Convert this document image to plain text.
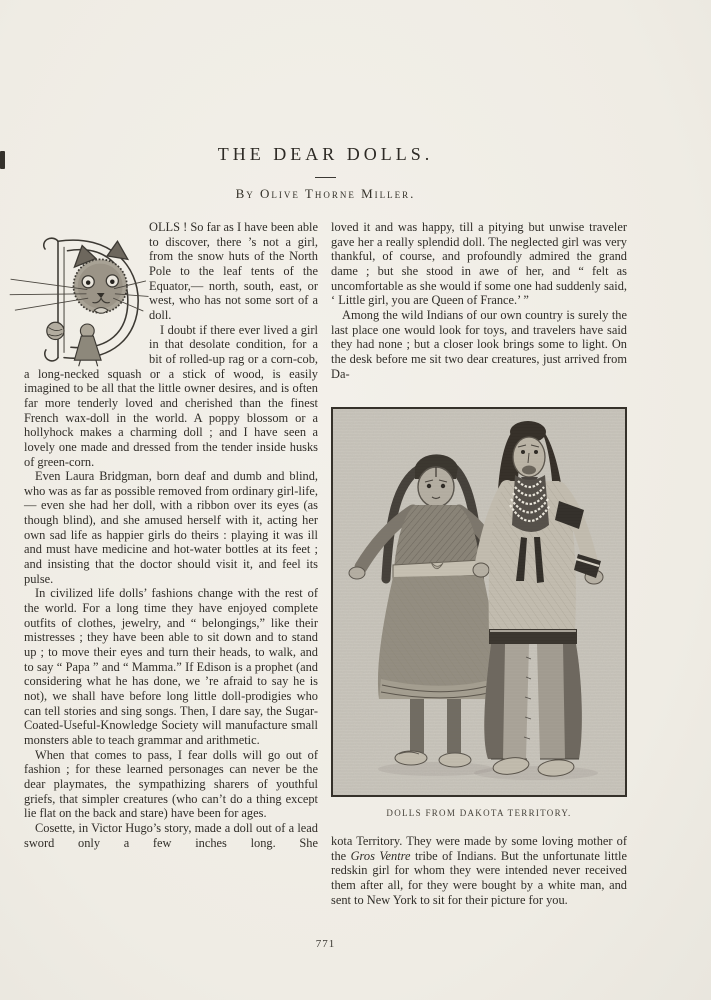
THE DEAR DOLLS.
By Olive Thorne Miller.

OLLS ! So far as I have been able to discover, there ’s not a girl, from the snow huts of the North Pole to the leaf tents of the Equator,— north, south, east, or west, who has not some sort of a doll.

I doubt if there ever lived a girl in that desolate condition, for a bit of rolled-up rag or a corn-cob, a long-necked squash or a stick of wood, is easily imagined to be all that the little owner desires, and is often far more tenderly loved and cherished than the finest French wax-doll in the world. A poppy blossom or a hollyhock makes a charming doll ; and I have seen a lovely one made and dressed from the tender inside husks of green-corn.

Even Laura Bridgman, born deaf and dumb and blind, who was as far as possible removed from ordinary girl-life,— even she had her doll, with a ribbon over its eyes (as though blind), and she amused herself with it, acting her own sad life as happier girls do theirs : playing it was ill and must have medicine and hot-water bottles at its feet ; and insisting that the doctor should visit it, and feel its pulse.

In civilized life dolls’ fashions change with the rest of the world. For a long time they have enjoyed complete outfits of clothes, jewelry, and “ belongings,” like their mistresses ; they have been able to sit down and to stand up ; to move their eyes and turn their heads, to walk, and to say “ Papa ” and “ Mamma.” If Edison is a prophet (and considering what he has done, we ’re afraid to say he is not), we shall have before long little doll-prodigies who can tell stories and sing songs. Then, I dare say, the Sugar-Coated-Useful-Knowledge Society will manufacture small monsters able to teach grammar and arithmetic.

When that comes to pass, I fear dolls will go out of fashion ; for these learned personages can never be the dear playmates, the sympathizing sharers of youthful griefs, that simpler creatures (who can’t do a thing except lie flat on the back and stare) have been for ages.

Cosette, in Victor Hugo’s story, made a doll out of a lead sword only a few inches long. She

loved it and was happy, till a pitying but unwise traveler gave her a really splendid doll. The neglected girl was very thankful, of course, and profoundly admired the grand dame ; but she stood in awe of her, and “ felt as uncomfortable as she would if some one had suddenly said, ‘ Little girl, you are Queen of France.’ ”

Among the wild Indians of our own country is surely the last place one would look for toys, and travelers have said they had none ; but a closer look brings some to light. On the desk before me sit two dear creatures, just arrived from Da-

DOLLS FROM DAKOTA TERRITORY.

kota Territory. They were made by some loving mother of the Gros Ventre tribe of Indians. But the unfortunate little redskin girl for whom they were intended never received them after all, for they were bought by a white man, and sent to New York to sit for their picture for you.

771
